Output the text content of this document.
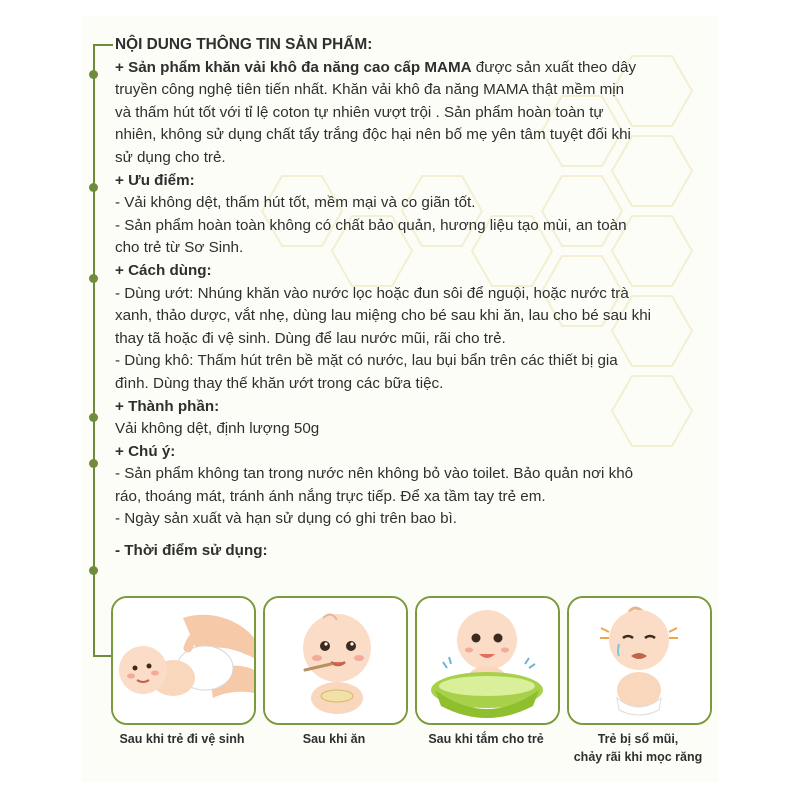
NỘI DUNG THÔNG TIN SẢN PHẨM:
+ Sản phẩm khăn vải khô đa năng cao cấp MAMA được sản xuất theo dây
truyền công nghệ tiên tiến nhất. Khăn vải khô đa năng MAMA thật mềm mịn
và thấm hút tốt với tỉ lệ coton tự nhiên vượt trội . Sản phẩm hoàn toàn tự
nhiên, không sử dụng chất tẩy trắng độc hại nên bố mẹ yên tâm tuyệt đối khi
sử dụng cho trẻ.
+ Ưu điểm:
- Vải không dệt, thấm hút tốt, mềm mại và co giãn tốt.
- Sản phẩm hoàn toàn không có chất bảo quản, hương liệu tạo mùi, an toàn
cho trẻ từ Sơ Sinh.
+ Cách dùng:
- Dùng ướt: Nhúng khăn vào nước lọc hoặc đun sôi để nguội, hoặc nước trà
xanh, thảo dược, vắt nhẹ, dùng lau miệng cho bé sau khi ăn, lau cho bé sau khi
thay tã hoặc đi vệ sinh. Dùng để lau nước mũi, rãi cho trẻ.
- Dùng khô: Thấm hút trên bề mặt có nước, lau bụi bẩn trên các thiết bị gia
đình. Dùng thay thế khăn ướt trong các bữa tiệc.
+ Thành phần:
Vải không dệt, định lượng 50g
+ Chú ý:
- Sản phẩm không tan trong nước nên không bỏ vào toilet. Bảo quản nơi khô
ráo, thoáng mát, tránh ánh nắng trực tiếp. Để xa tầm tay trẻ em.
- Ngày sản xuất và hạn sử dụng có ghi trên bao bì.
- Thời điểm sử dụng:
Sau khi trẻ đi vệ sinh	Sau khi ăn	Sau khi tắm cho trẻ	Trẻ bị sổ mũi,
chảy rãi khi mọc răng
